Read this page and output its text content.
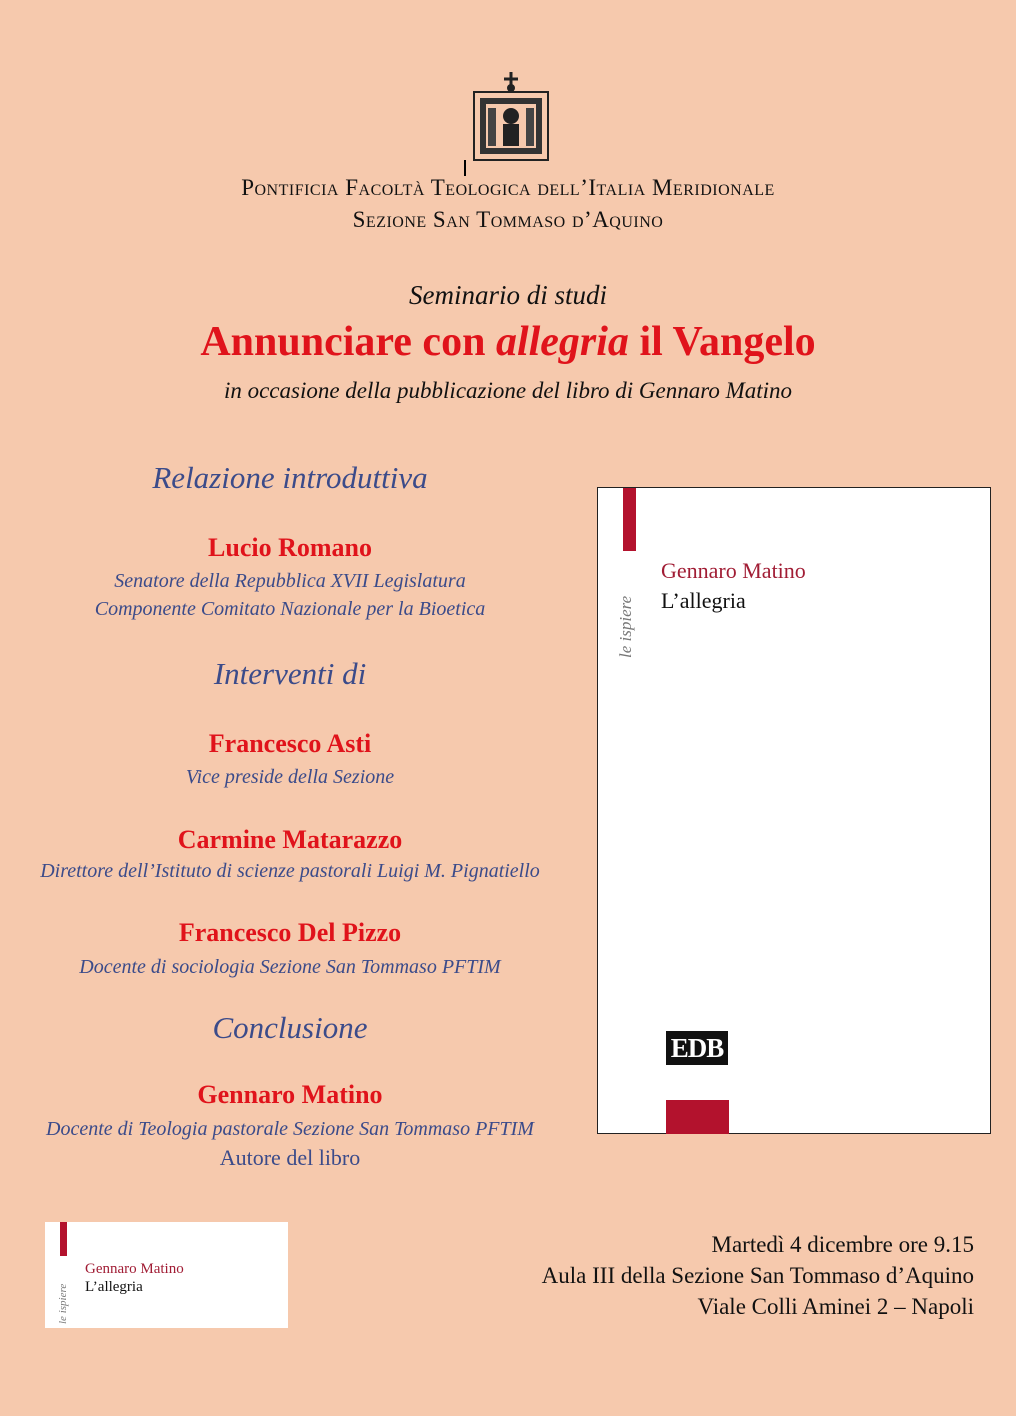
Pontificia Facoltà Teologica dell’Italia Meridionale
Sezione San Tommaso d’Aquino
Seminario di studi
Annunciare con allegria il Vangelo
in occasione della pubblicazione del libro di Gennaro Matino
Relazione introduttiva
Lucio Romano
Senatore della Repubblica XVII Legislatura
Componente Comitato Nazionale per la Bioetica
Interventi di
Francesco Asti
Vice preside della Sezione
Carmine Matarazzo
Direttore dell’Istituto di scienze pastorali Luigi M. Pignatiello
Francesco Del Pizzo
Docente di sociologia Sezione San Tommaso PFTIM
Conclusione
Gennaro Matino
Docente di Teologia pastorale Sezione San Tommaso PFTIM
Autore del libro
le ispiere
Gennaro Matino
L’allegria
EDB
le ispiere
Gennaro Matino
L’allegria
Martedì 4 dicembre ore 9.15
Aula III della Sezione San Tommaso d’Aquino
Viale Colli Aminei 2 – Napoli
